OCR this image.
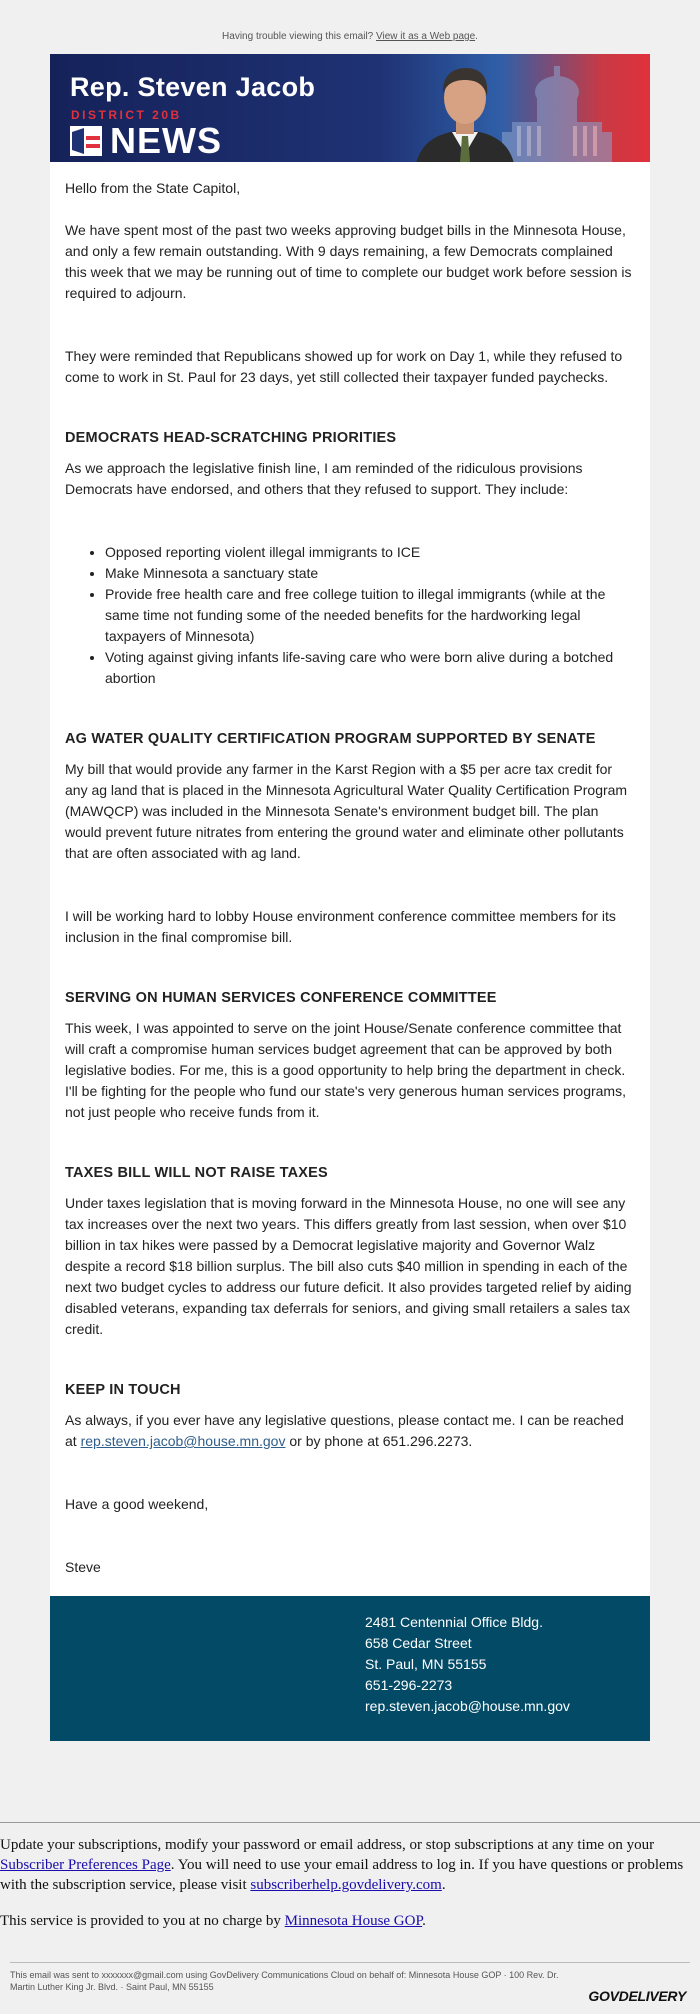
Having trouble viewing this email? View it as a Web page.
Rep. Steven Jacob
DISTRICT 20B
NEWS

Hello from the State Capitol,

We have spent most of the past two weeks approving budget bills in the Minnesota House, and only a few remain outstanding. With 9 days remaining, a few Democrats complained this week that we may be running out of time to complete our budget work before session is required to adjourn.

They were reminded that Republicans showed up for work on Day 1, while they refused to come to work in St. Paul for 23 days, yet still collected their taxpayer funded paychecks.

DEMOCRATS HEAD-SCRATCHING PRIORITIES

As we approach the legislative finish line, I am reminded of the ridiculous provisions Democrats have endorsed, and others that they refused to support. They include:

• Opposed reporting violent illegal immigrants to ICE
• Make Minnesota a sanctuary state
• Provide free health care and free college tuition to illegal immigrants (while at the same time not funding some of the needed benefits for the hardworking legal taxpayers of Minnesota)
• Voting against giving infants life-saving care who were born alive during a botched abortion
AG WATER QUALITY CERTIFICATION PROGRAM SUPPORTED BY SENATE

My bill that would provide any farmer in the Karst Region with a $5 per acre tax credit for any ag land that is placed in the Minnesota Agricultural Water Quality Certification Program (MAWQCP) was included in the Minnesota Senate's environment budget bill. The plan would prevent future nitrates from entering the ground water and eliminate other pollutants that are often associated with ag land.

I will be working hard to lobby House environment conference committee members for its inclusion in the final compromise bill.

SERVING ON HUMAN SERVICES CONFERENCE COMMITTEE

This week, I was appointed to serve on the joint House/Senate conference committee that will craft a compromise human services budget agreement that can be approved by both legislative bodies. For me, this is a good opportunity to help bring the department in check. I'll be fighting for the people who fund our state's very generous human services programs, not just people who receive funds from it.

TAXES BILL WILL NOT RAISE TAXES

Under taxes legislation that is moving forward in the Minnesota House, no one will see any tax increases over the next two years. This differs greatly from last session, when over $10 billion in tax hikes were passed by a Democrat legislative majority and Governor Walz despite a record $18 billion surplus. The bill also cuts $40 million in spending in each of the next two budget cycles to address our future deficit. It also provides targeted relief by aiding disabled veterans, expanding tax deferrals for seniors, and giving small retailers a sales tax credit.

KEEP IN TOUCH

As always, if you ever have any legislative questions, please contact me. I can be reached at rep.steven.jacob@house.mn.gov or by phone at 651.296.2273.

Have a good weekend,

Steve

2481 Centennial Office Bldg.
658 Cedar Street
St. Paul, MN 55155
651-296-2273
rep.steven.jacob@house.mn.gov

Update your subscriptions, modify your password or email address, or stop subscriptions at any time on your Subscriber Preferences Page. You will need to use your email address to log in. If you have questions or problems with the subscription service, please visit subscriberhelp.govdelivery.com.

This service is provided to you at no charge by Minnesota House GOP.

This email was sent to xxxxxxx@gmail.com using GovDelivery Communications Cloud on behalf of: Minnesota House GOP · 100 Rev. Dr. Martin Luther King Jr. Blvd. · Saint Paul, MN 55155
GOVDELIVERY
